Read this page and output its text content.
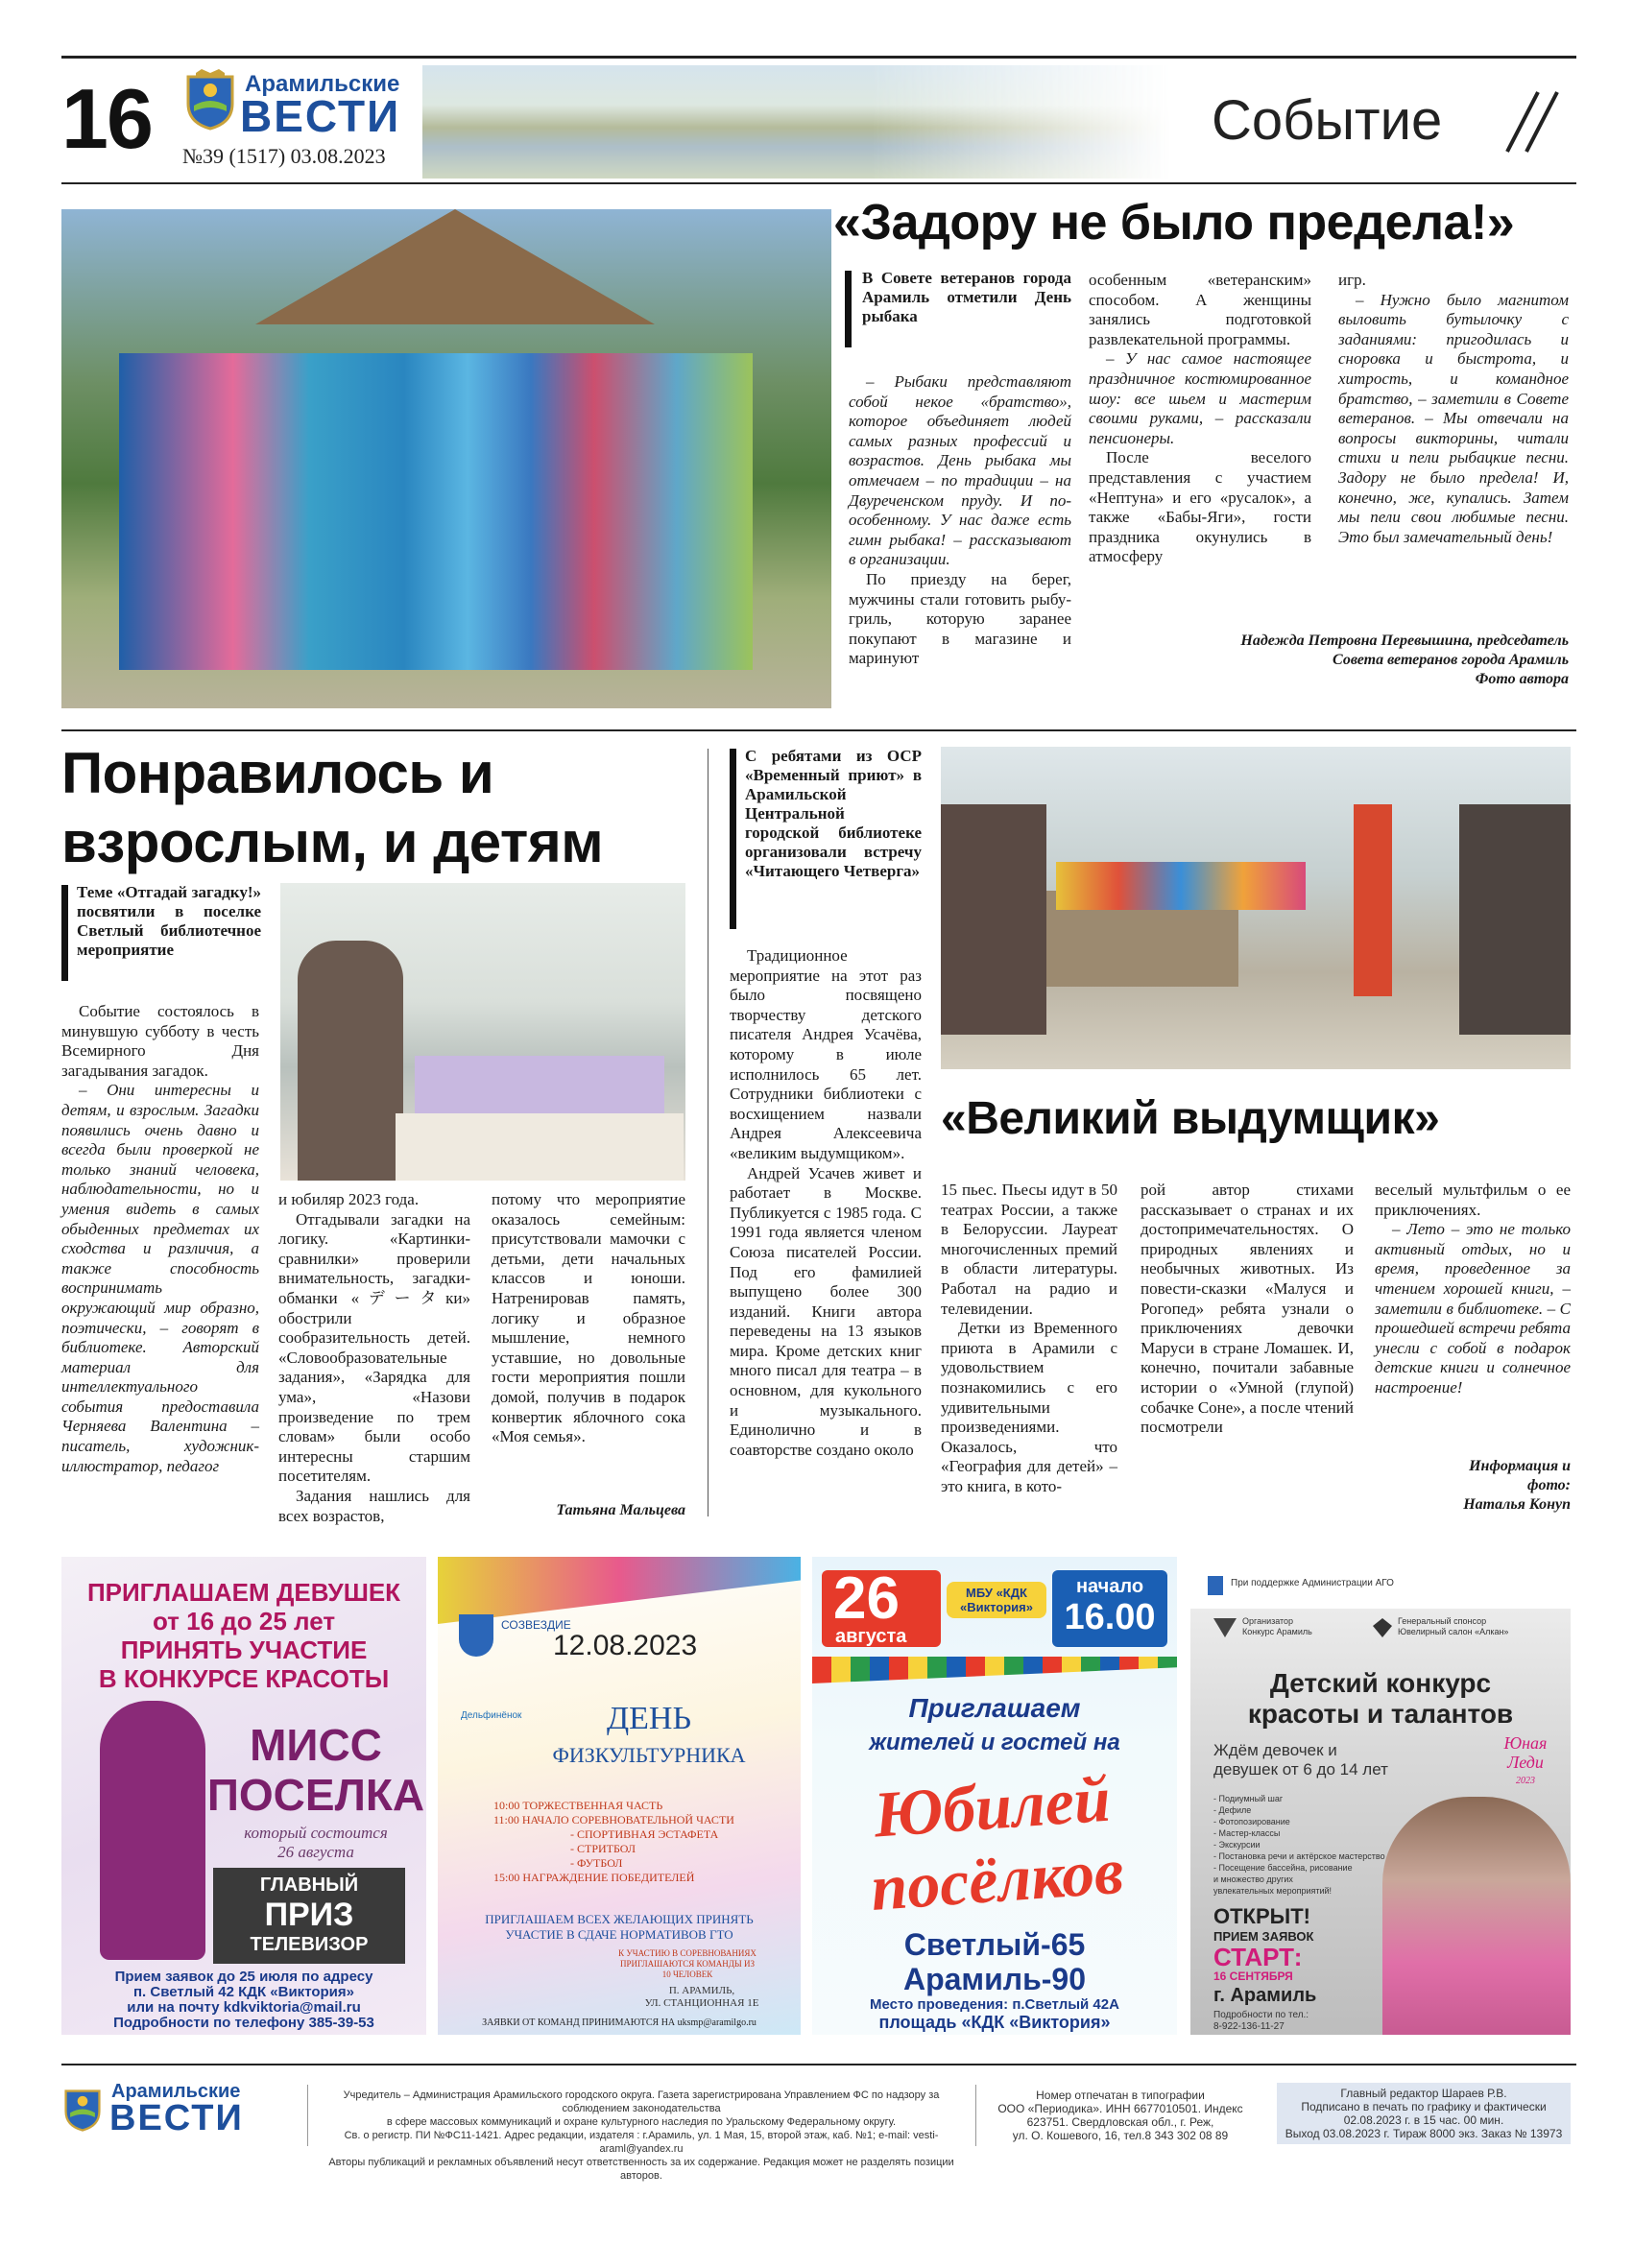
16	Арамильские
ВЕСТИ
№39 (1517) 03.08.2023
Событие
«Задору не было предела!»
В Совете ветеранов города Арамиль отметили День рыбака

– Рыбаки представляют собой некое «братство», которое объединяет людей самых разных профессий и возрастов. День рыбака мы отмечаем – по традиции – на Двуреченском пруду. И по-особенному. У нас даже есть гимн рыбака! – рассказывают в организации.

По приезду на берег, мужчины стали готовить рыбу-гриль, которую заранее покупают в магазине и маринуют

особенным «ветеранским» способом. А женщины занялись подготовкой развлекательной программы.

– У нас самое настоящее праздничное костюмированное шоу: все шьем и мастерим своими руками, – рассказали пенсионеры.

После веселого представления с участием «Нептуна» и его «русалок», а также «Бабы-Яги», гости праздника окунулись в атмосферу

игр.

– Нужно было магнитом выловить бутылочку с заданиями: пригодилась и сноровка и быстрота, и хитрость, и командное братство, – заметили в Совете ветеранов. – Мы отвечали на вопросы викторины, читали стихи и пели рыбацкие песни. Задору не было предела! И, конечно, же, купались. Затем мы пели свои любимые песни. Это был замечательный день!

Надежда Петровна Перевышина, председатель
Совета ветеранов города Арамиль
Фото автора
Понравилось и взрослым, и детям
Теме «Отгадай загадку!» посвятили в поселке Светлый библиотечное мероприятие

Событие состоялось в минувшую субботу в честь Всемирного Дня загадывания загадок.

– Они интересны и детям, и взрослым. Загадки появились очень давно и всегда были проверкой не только знаний человека, наблюдательности, но и умения видеть в самых обыденных предметах их сходства и различия, а также способность воспринимать окружающий мир образно, поэтически, – говорят в библиотеке. Авторский материал для интеллектуального события предоставила Черняева Валентина – писатель, художник-иллюстратор, педагог

и юбиляр 2023 года.

Отгадывали загадки на логику. «Картинки-сравнилки» проверили внимательность, загадки-обманки «データки» обострили сообразительность детей. «Словообразовательные задания», «Зарядка для ума», «Назови произведение по трем словам» были особо интересны старшим посетителям.

Задания нашлись для всех возрастов,

потому что мероприятие оказалось семейным: присутствовали мамочки с детьми, дети начальных классов и юноши. Натренировав память, логику и образное мышление, немного уставшие, но довольные гости мероприятия пошли домой, получив в подарок конвертик яблочного сока «Моя семья».

Татьяна Мальцева
С ребятами из ОСР «Временный приют» в Арамильской Центральной городской библиотеке организовали встречу «Читающего Четверга»
«Великий выдумщик»

Традиционное мероприятие на этот раз было посвящено творчеству детского писателя Андрея Усачёва, которому в июле исполнилось 65 лет. Сотрудники библиотеки с восхищением назвали Андрея Алексеевича «великим выдумщиком».

Андрей Усачев живет и работает в Москве. Публикуется с 1985 года. С 1991 года является членом Союза писателей России. Под его фамилией выпущено более 300 изданий. Книги автора переведены на 13 языков мира. Кроме детских книг много писал для театра – в основном, для кукольного и музыкального. Единолично и в соавторстве создано около

15 пьес. Пьесы идут в 50 театрах России, а также в Белоруссии. Лауреат многочисленных премий в области литературы. Работал на радио и телевидении.

Детки из Временного приюта в Арамили с удовольствием познакомились с его удивительными произведениями. Оказалось, что «География для детей» – это книга, в кото-

рой автор стихами рассказывает о странах и их достопримечательностях. О природных явлениях и необычных животных. Из повести-сказки «Малуся и Рогопед» ребята узнали о приключениях девочки Маруси в стране Ломашек. И, конечно, почитали забавные истории о «Умной (глупой) собачке Соне», а после чтений посмотрели

веселый мультфильм о ее приключениях.

– Лето – это не только активный отдых, но и время, проведенное за чтением хорошей книги, – заметили в библиотеке. – С прошедшей встречи ребята унесли с собой в подарок детские книги и солнечное настроение!

Информация и
фото:
Наталья Конуп
ПРИГЛАШАЕМ ДЕВУШЕК
от 16 до 25 лет
ПРИНЯТЬ УЧАСТИЕ
В КОНКУРСЕ КРАСОТЫ
МИСС
ПОСЕЛКА
который состоится
26 августа
ГЛАВНЫЙ
ПРИЗ
ТЕЛЕВИЗОР
Прием заявок до 25 июля по адресу
п. Светлый 42 КДК «Виктория»
или на почту kdkviktoria@mail.ru
Подробности по телефону 385-39-53
СОЗВЕЗДИЕ
12.08.2023
Дельфинёнок	ДЕНЬ
ФИЗКУЛЬТУРНИКА
10:00 ТОРЖЕСТВЕННАЯ ЧАСТЬ
11:00 НАЧАЛО СОРЕВНОВАТЕЛЬНОЙ ЧАСТИ
- СПОРТИВНАЯ ЭСТАФЕТА
- СТРИТБОЛ
- ФУТБОЛ
15:00 НАГРАЖДЕНИЕ ПОБЕДИТЕЛЕЙ
ПРИГЛАШАЕМ ВСЕХ ЖЕЛАЮЩИХ ПРИНЯТЬ
УЧАСТИЕ В СДАЧЕ НОРМАТИВОВ ГТО
К УЧАСТИЮ В СОРЕВНОВАНИЯХ
ПРИГЛАШАЮТСЯ КОМАНДЫ ИЗ
10 ЧЕЛОВЕК
П. АРАМИЛЬ,
УЛ. СТАНЦИОННАЯ 1Е
ЗАЯВКИ ОТ КОМАНД ПРИНИМАЮТСЯ НА uksmp@aramilgo.ru
26
августа
МБУ «КДК
«Виктория»
начало
16.00
Приглашаем
жителей и гостей на
Юбилей
посёлков
Светлый-65
Арамиль-90
Место проведения: п.Светлый 42А
площадь «КДК «Виктория»
При поддержке Администрации АГО
Организатор
Конкурс Арамиль
Генеральный спонсор
Ювелирный салон «Алкан»
Детский конкурс
красоты и талантов
Ждём девочек и
девушек от 6 до 14 лет
Юная
Леди
2023
- Подиумный шаг
- Дефиле
- Фотопозирование
- Мастер-классы
- Экскурсии
- Постановка речи и актёрское мастерство
- Посещение бассейна, рисование
и множество других
увлекательных мероприятий!
ОТКРЫТ!
ПРИЕМ ЗАЯВОК
СТАРТ:
16 СЕНТЯБРЯ
г. Арамиль
Подробности по тел.:
8-922-136-11-27
Арамильские
ВЕСТИ
Учредитель – Администрация Арамильского городского округа. Газета зарегистрирована Управлением ФС по надзору за соблюдением законодательства
в сфере массовых коммуникаций и охране культурного наследия по Уральскому Федеральному округу.
Св. о регистр. ПИ №ФС11-1421. Адрес редакции, издателя : г.Арамиль, ул. 1 Мая, 15, второй этаж, каб. №1; e-mail: vesti-araml@yandex.ru
Авторы публикаций и рекламных объявлений несут ответственность за их содержание. Редакция может не разделять позиции авторов.
Номер отпечатан в типографии
ООО «Периодика». ИНН 6677010501. Индекс
623751. Свердловская обл., г. Реж,
ул. О. Кошевого, 16, тел.8 343 302 08 89
Главный редактор Шараев Р.В.
Подписано в печать по графику и фактически
02.08.2023 г. в 15 час. 00 мин.
Выход 03.08.2023 г. Тираж 8000 экз. Заказ № 13973
